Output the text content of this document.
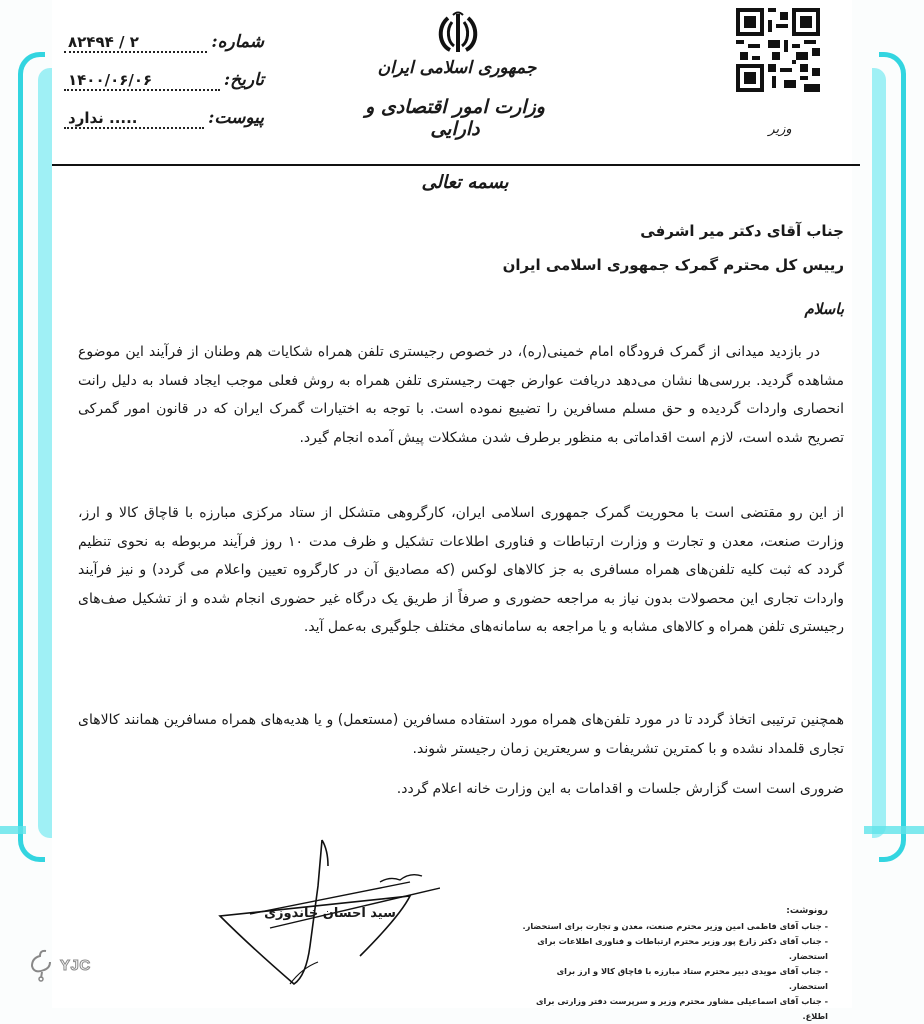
شماره:
۲ / ۸۲۴۹۴
تاریخ:
۱۴۰۰/۰۶/۰۶
پیوست:
..... ندارد
جمهوری اسلامی ایران
وزارت امور اقتصادی و دارایی	وزیر
بسمه تعالی
جناب آقای دکتر میر اشرفی
رییس کل محترم گمرک جمهوری اسلامی ایران
باسلام
در بازدید میدانی از گمرک فرودگاه امام خمینی(ره)، در خصوص رجیستری تلفن همراه شکایات هم وطنان از فرآیند این موضوع مشاهده گردید. بررسی‌ها نشان می‌دهد دریافت عوارض جهت رجیستری تلفن همراه به روش فعلی موجب ایجاد فساد به دلیل رانت انحصاری واردات گردیده و حق مسلم مسافرین را تضییع نموده است. با توجه به اختیارات گمرک ایران که در قانون امور گمرکی تصریح شده است، لازم است اقداماتی به منظور برطرف شدن مشکلات پیش آمده انجام گیرد.
از این رو مقتضی است با محوریت گمرک جمهوری اسلامی ایران، کارگروهی متشکل از ستاد مرکزی مبارزه با قاچاق کالا و ارز، وزارت صنعت، معدن و تجارت و وزارت ارتباطات و فناوری اطلاعات تشکیل و ظرف مدت ۱۰ روز فرآیند مربوطه به نحوی تنظیم گردد که ثبت کلیه تلفن‌های همراه مسافری به جز کالاهای لوکس (که مصادیق آن در کارگروه تعیین واعلام می گردد) و نیز فرآیند واردات تجاری این محصولات بدون نیاز به مراجعه حضوری و صرفاً از طریق یک درگاه غیر حضوری انجام شده و از تشکیل صف‌های رجیستری تلفن همراه و کالاهای مشابه و یا مراجعه به سامانه‌های مختلف جلوگیری به‌عمل آید.
همچنین ترتیبی اتخاذ گردد تا در مورد تلفن‌های همراه مورد استفاده مسافرین (مستعمل) و یا هدیه‌های همراه مسافرین همانند کالاهای تجاری قلمداد نشده و با کمترین تشریفات و سریعترین زمان رجیستر شوند.
ضروری است است گزارش جلسات و اقدامات به این وزارت خانه اعلام گردد.
سید احسان خاندوزی	رونوشت:
- جناب آقای فاطمی امین وزیر محترم صنعت، معدن و تجارت برای استحضار.
- جناب آقای دکتر زارع پور وزیر محترم ارتباطات و فناوری اطلاعات برای استحضار.
- جناب آقای مویدی دبیر محترم ستاد مبارزه با قاچاق کالا و ارز برای استحضار.
- جناب آقای اسماعیلی مشاور محترم وزیر و سرپرست دفتر وزارتی برای اطلاع.
YJC
